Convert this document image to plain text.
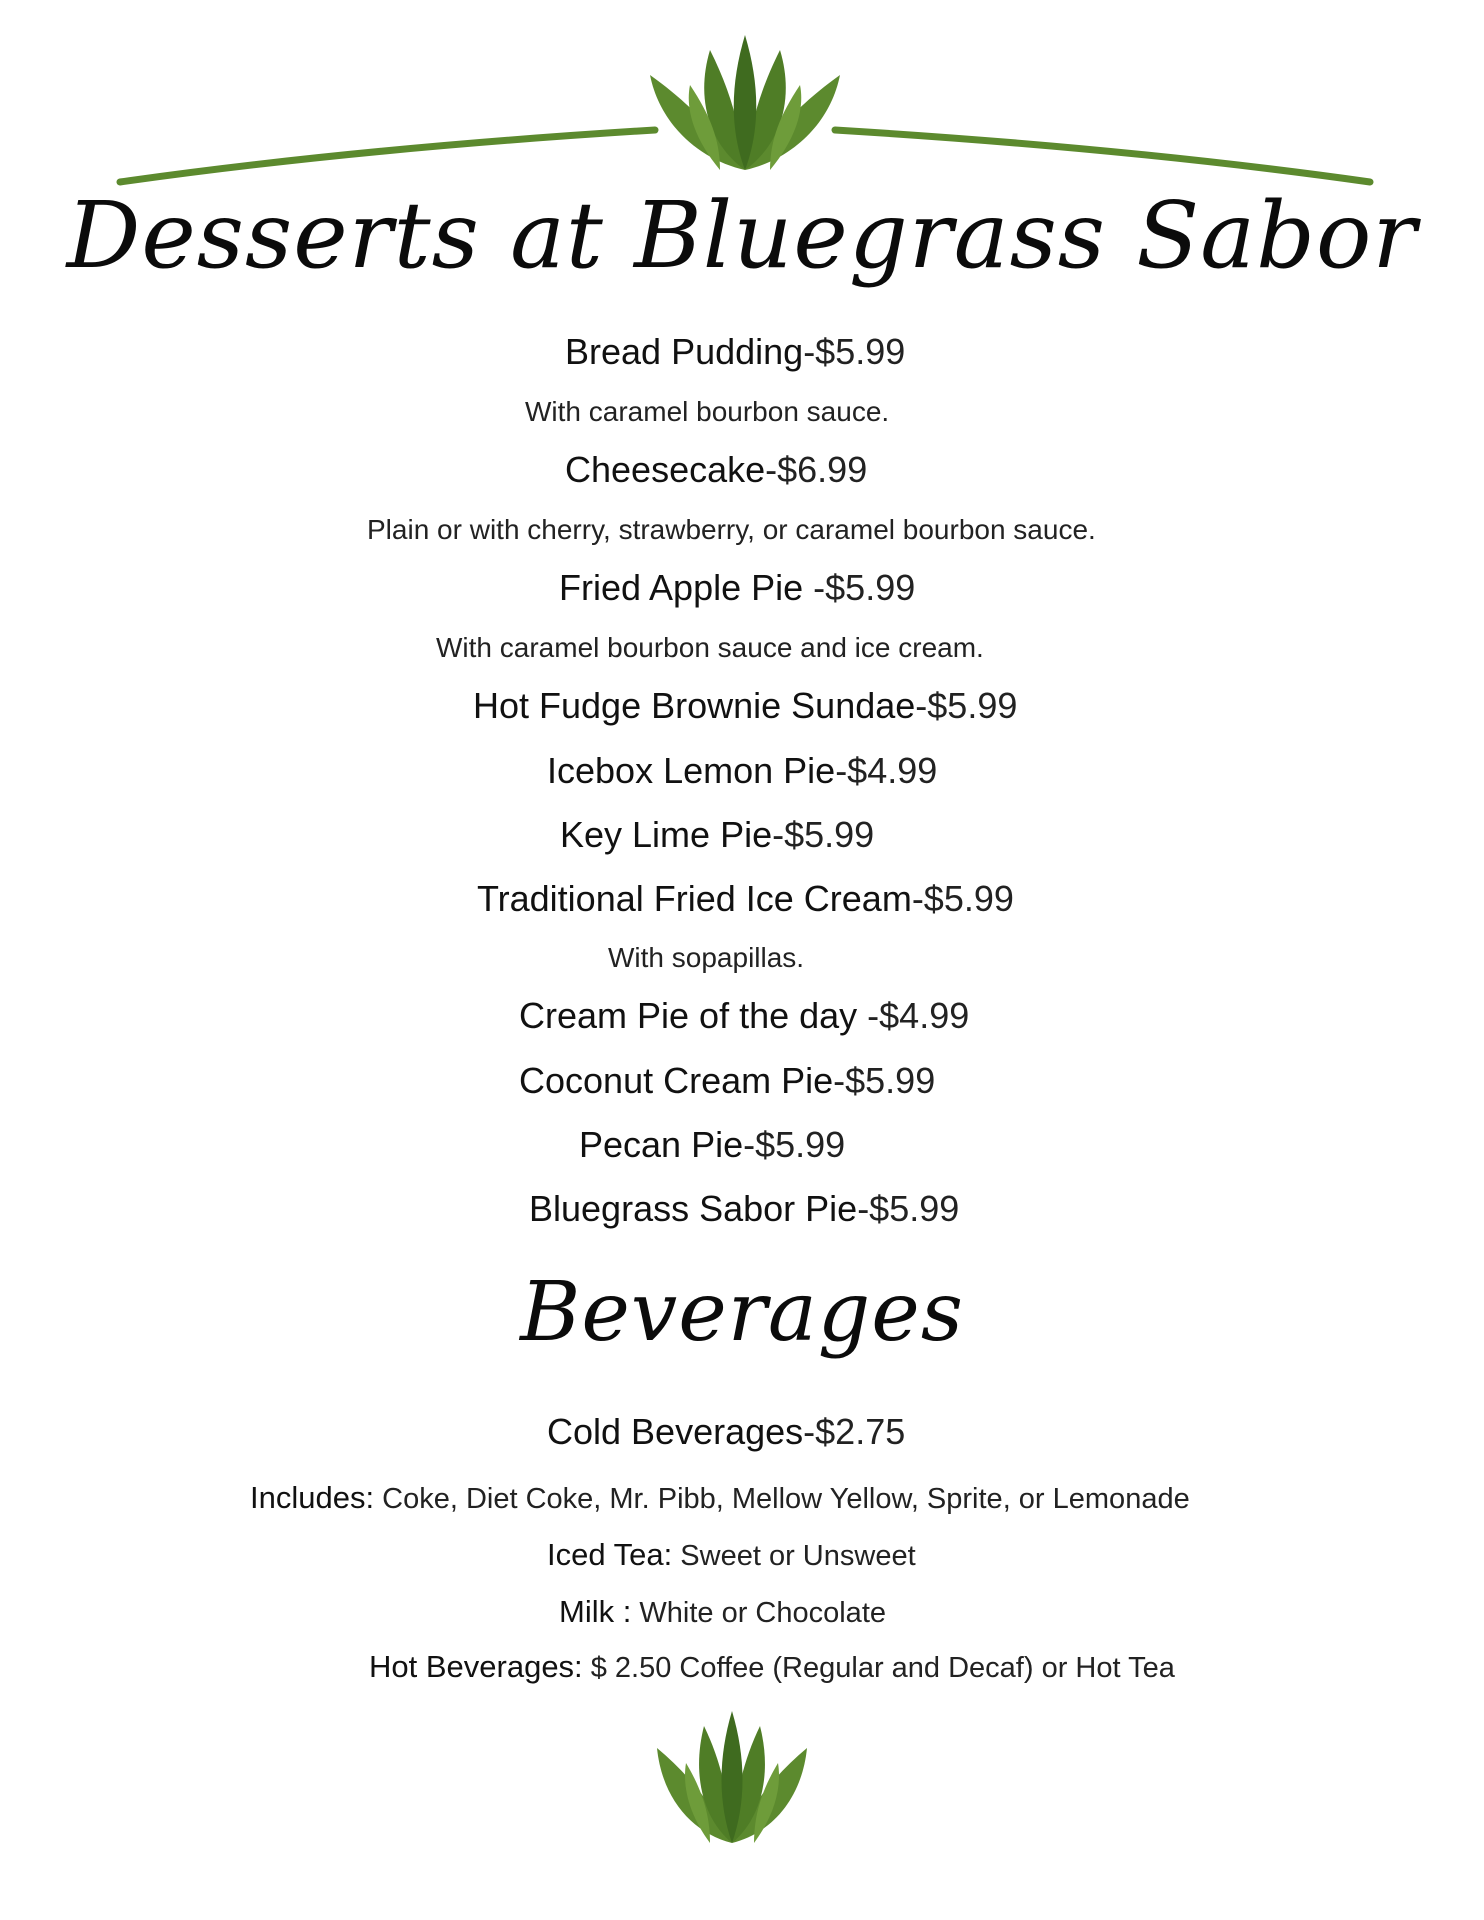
Desserts at Bluegrass Sabor
Bread Pudding-$5.99
With caramel bourbon sauce.
Cheesecake-$6.99
Plain or with cherry, strawberry, or caramel bourbon sauce.
Fried Apple Pie -$5.99
With caramel bourbon sauce and ice cream.
Hot Fudge Brownie Sundae-$5.99
Icebox Lemon Pie-$4.99
Key Lime Pie-$5.99
Traditional Fried Ice Cream-$5.99
With sopapillas.
Cream Pie of the day -$4.99
Coconut Cream Pie-$5.99
Pecan Pie-$5.99
Bluegrass Sabor Pie-$5.99
Beverages
Cold Beverages-$2.75
Includes: Coke, Diet Coke, Mr. Pibb, Mellow Yellow, Sprite, or Lemonade
Iced Tea: Sweet or Unsweet
Milk : White or Chocolate
Hot Beverages: $ 2.50 Coffee (Regular and Decaf) or Hot Tea
